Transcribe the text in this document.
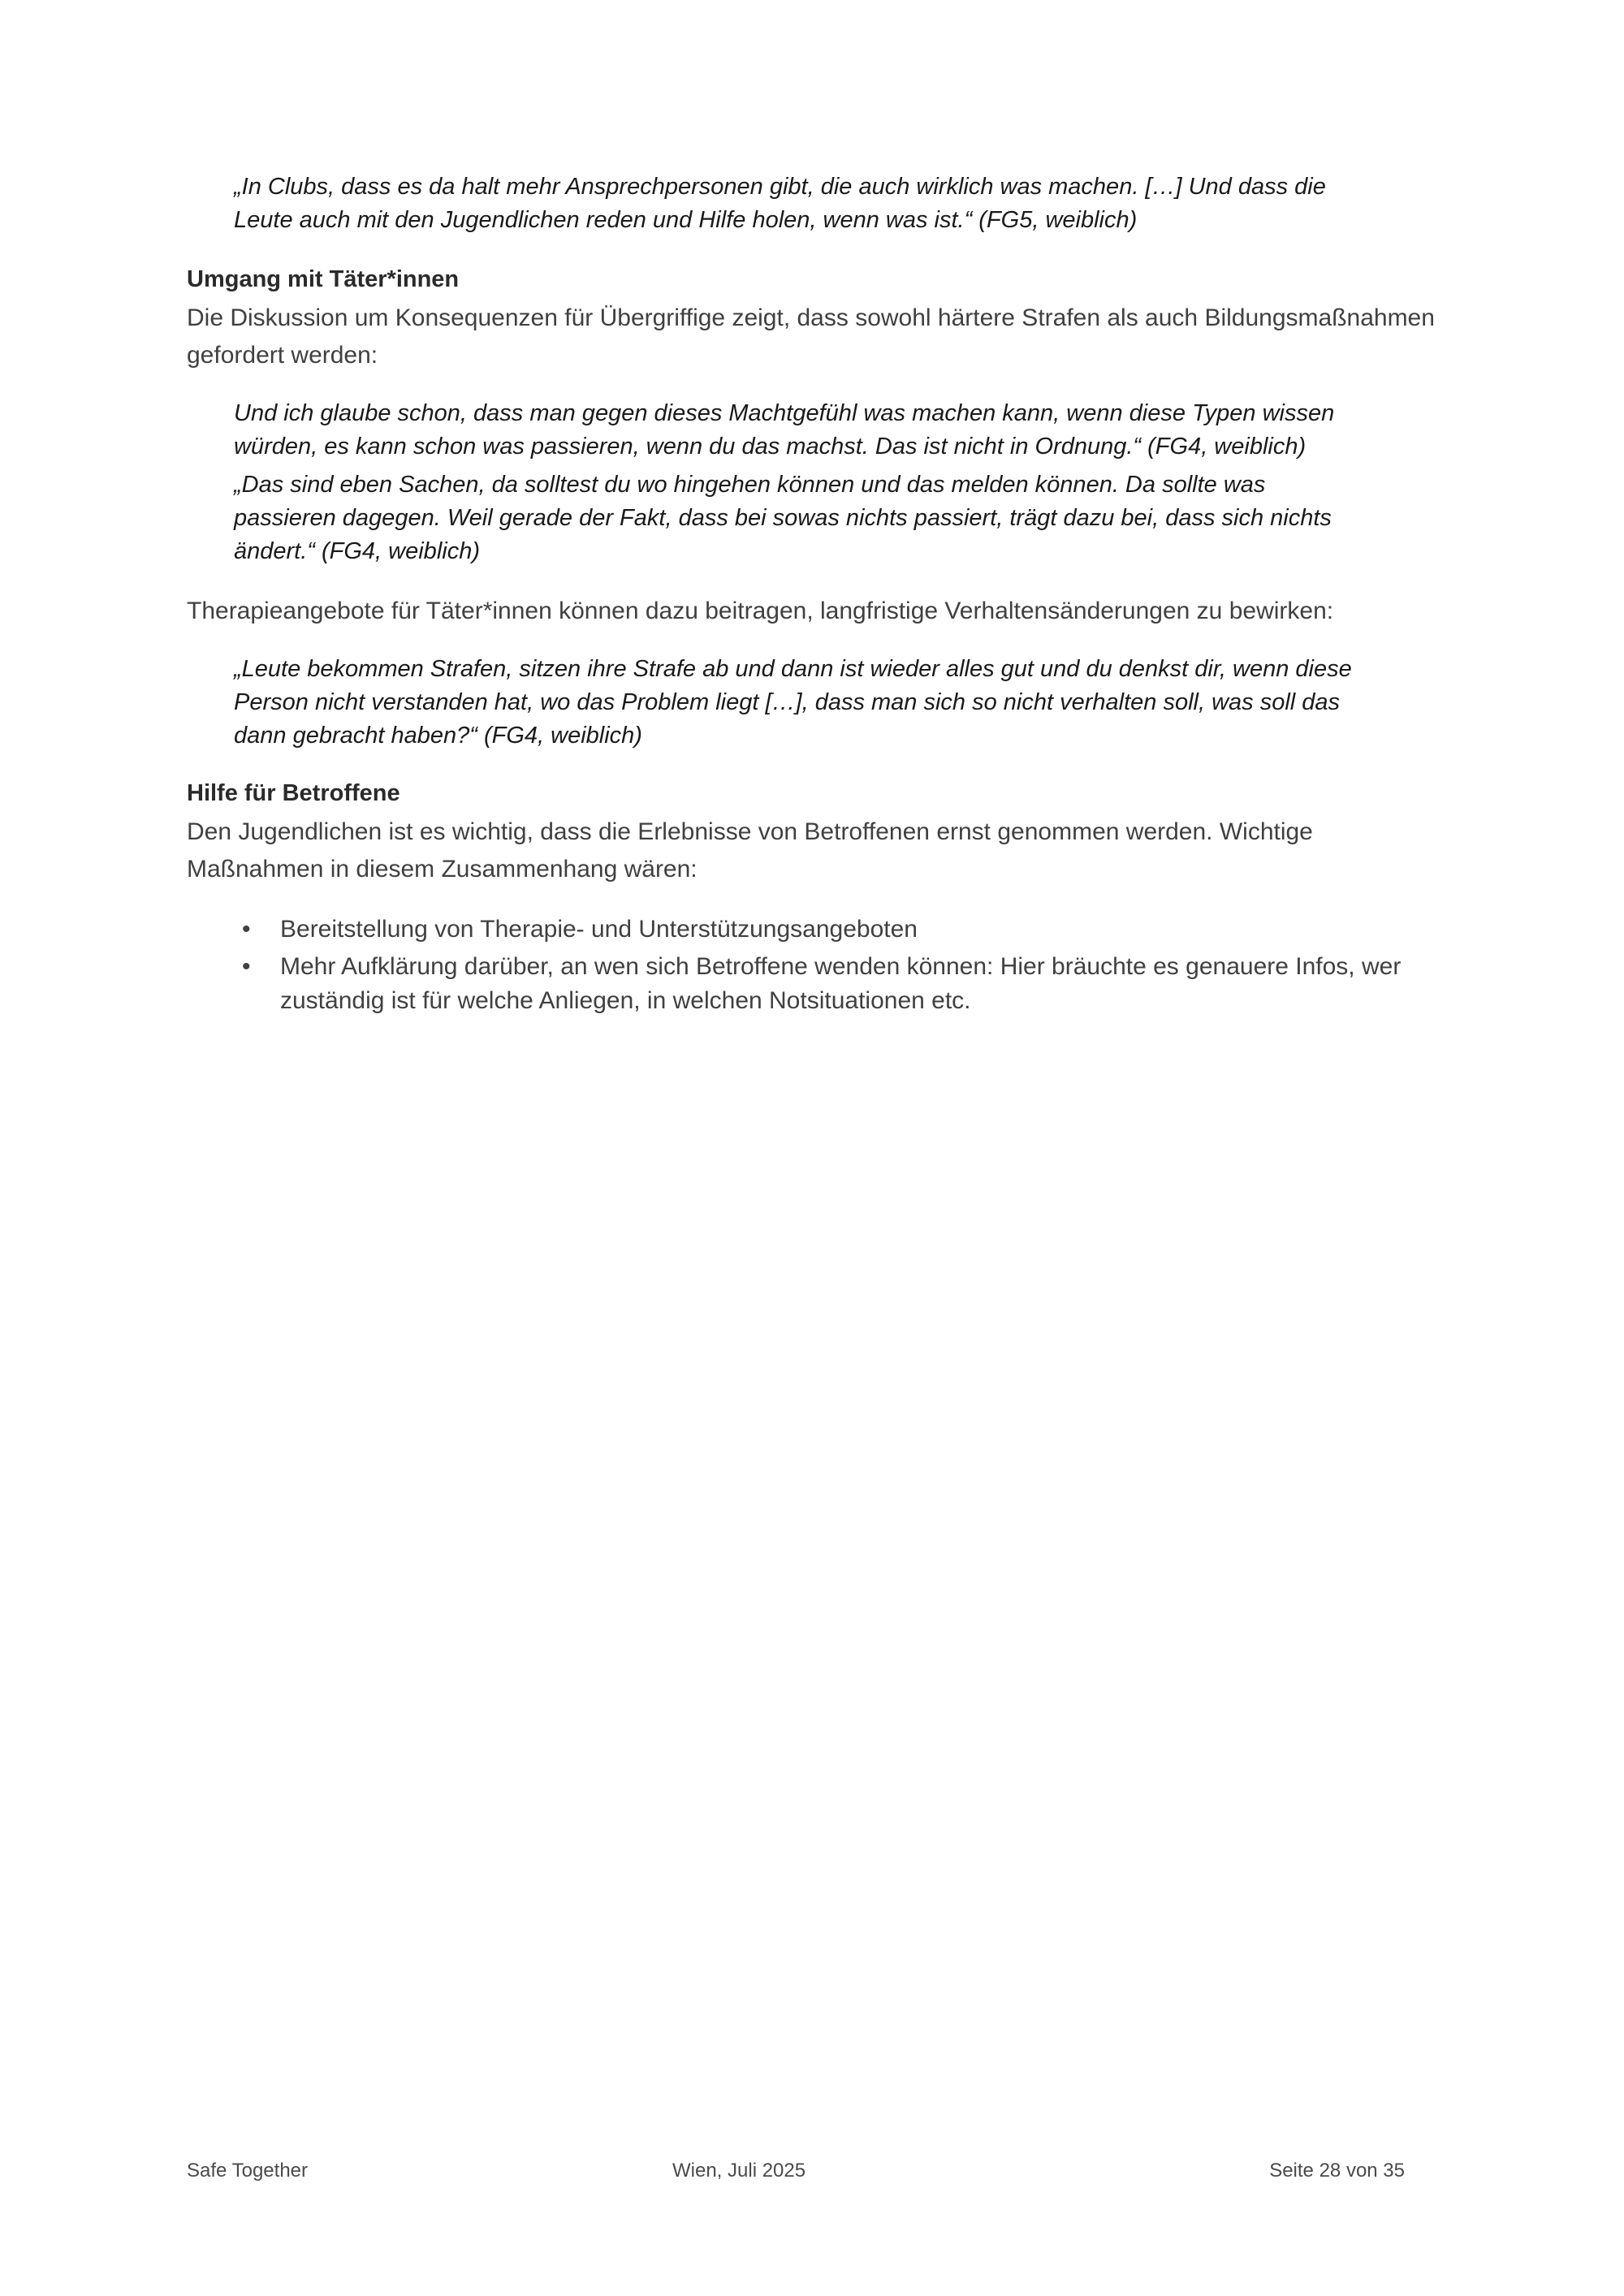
„In Clubs, dass es da halt mehr Ansprechpersonen gibt, die auch wirklich was machen. […] Und dass die Leute auch mit den Jugendlichen reden und Hilfe holen, wenn was ist.“ (FG5, weiblich)

Umgang mit Täter*innen

Die Diskussion um Konsequenzen für Übergriffige zeigt, dass sowohl härtere Strafen als auch Bildungsmaßnahmen gefordert werden:

Und ich glaube schon, dass man gegen dieses Machtgefühl was machen kann, wenn diese Typen wissen würden, es kann schon was passieren, wenn du das machst. Das ist nicht in Ordnung.“ (FG4, weiblich)

„Das sind eben Sachen, da solltest du wo hingehen können und das melden können. Da sollte was passieren dagegen. Weil gerade der Fakt, dass bei sowas nichts passiert, trägt dazu bei, dass sich nichts ändert.“ (FG4, weiblich)

Therapieangebote für Täter*innen können dazu beitragen, langfristige Verhaltensänderungen zu bewirken:

„Leute bekommen Strafen, sitzen ihre Strafe ab und dann ist wieder alles gut und du denkst dir, wenn diese Person nicht verstanden hat, wo das Problem liegt […], dass man sich so nicht verhalten soll, was soll das dann gebracht haben?“ (FG4, weiblich)

Hilfe für Betroffene

Den Jugendlichen ist es wichtig, dass die Erlebnisse von Betroffenen ernst genommen werden. Wichtige Maßnahmen in diesem Zusammenhang wären:

• Bereitstellung von Therapie- und Unterstützungsangeboten
• Mehr Aufklärung darüber, an wen sich Betroffene wenden können: Hier bräuchte es genauere Infos, wer zuständig ist für welche Anliegen, in welchen Notsituationen etc.
Safe Together	Wien, Juli 2025	Seite 28 von 35
